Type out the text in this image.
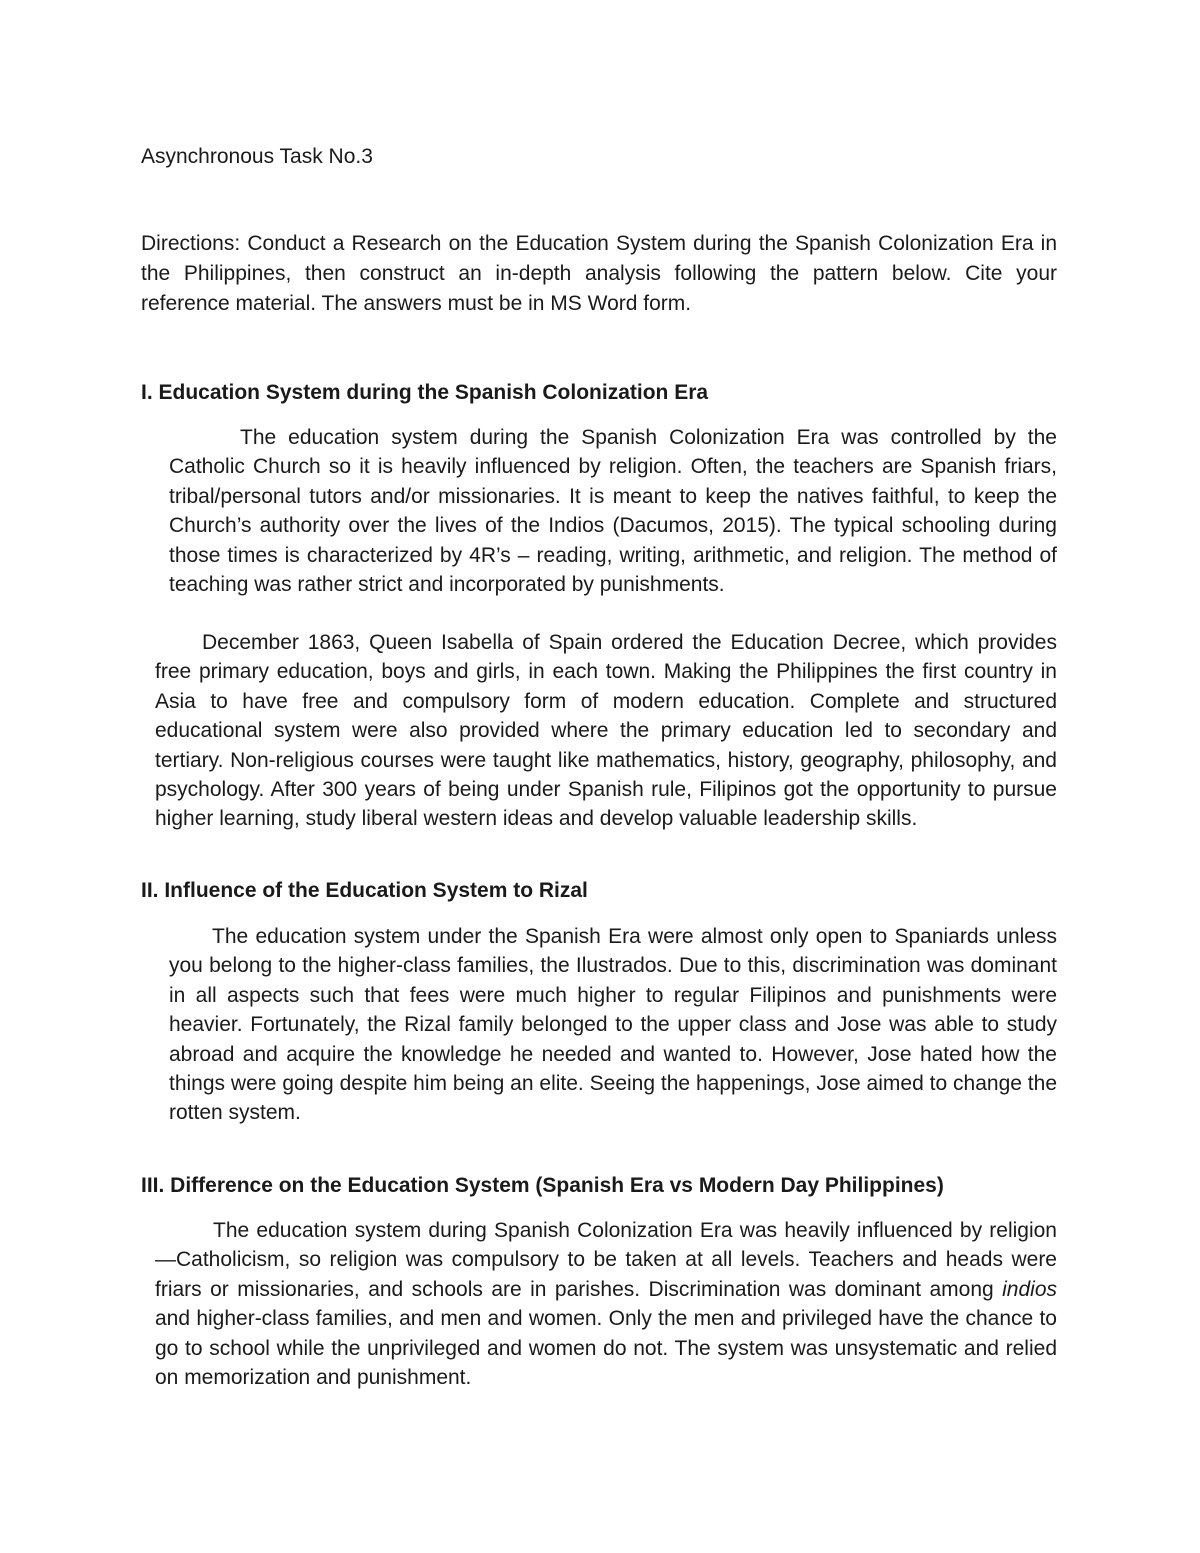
Asynchronous Task No.3

Directions: Conduct a Research on the Education System during the Spanish Colonization Era in the Philippines, then construct an in-depth analysis following the pattern below. Cite your reference material. The answers must be in MS Word form.

I. Education System during the Spanish Colonization Era

The education system during the Spanish Colonization Era was controlled by the Catholic Church so it is heavily influenced by religion. Often, the teachers are Spanish friars, tribal/personal tutors and/or missionaries. It is meant to keep the natives faithful, to keep the Church’s authority over the lives of the Indios (Dacumos, 2015). The typical schooling during those times is characterized by 4R’s – reading, writing, arithmetic, and religion. The method of teaching was rather strict and incorporated by punishments.

December 1863, Queen Isabella of Spain ordered the Education Decree, which provides free primary education, boys and girls, in each town. Making the Philippines the first country in Asia to have free and compulsory form of modern education. Complete and structured educational system were also provided where the primary education led to secondary and tertiary. Non-religious courses were taught like mathematics, history, geography, philosophy, and psychology. After 300 years of being under Spanish rule, Filipinos got the opportunity to pursue higher learning, study liberal western ideas and develop valuable leadership skills.

II. Influence of the Education System to Rizal

The education system under the Spanish Era were almost only open to Spaniards unless you belong to the higher-class families, the Ilustrados. Due to this, discrimination was dominant in all aspects such that fees were much higher to regular Filipinos and punishments were heavier. Fortunately, the Rizal family belonged to the upper class and Jose was able to study abroad and acquire the knowledge he needed and wanted to. However, Jose hated how the things were going despite him being an elite. Seeing the happenings, Jose aimed to change the rotten system.

III. Difference on the Education System (Spanish Era vs Modern Day Philippines)

The education system during Spanish Colonization Era was heavily influenced by religion—Catholicism, so religion was compulsory to be taken at all levels. Teachers and heads were friars or missionaries, and schools are in parishes. Discrimination was dominant among indios and higher-class families, and men and women. Only the men and privileged have the chance to go to school while the unprivileged and women do not. The system was unsystematic and relied on memorization and punishment.
